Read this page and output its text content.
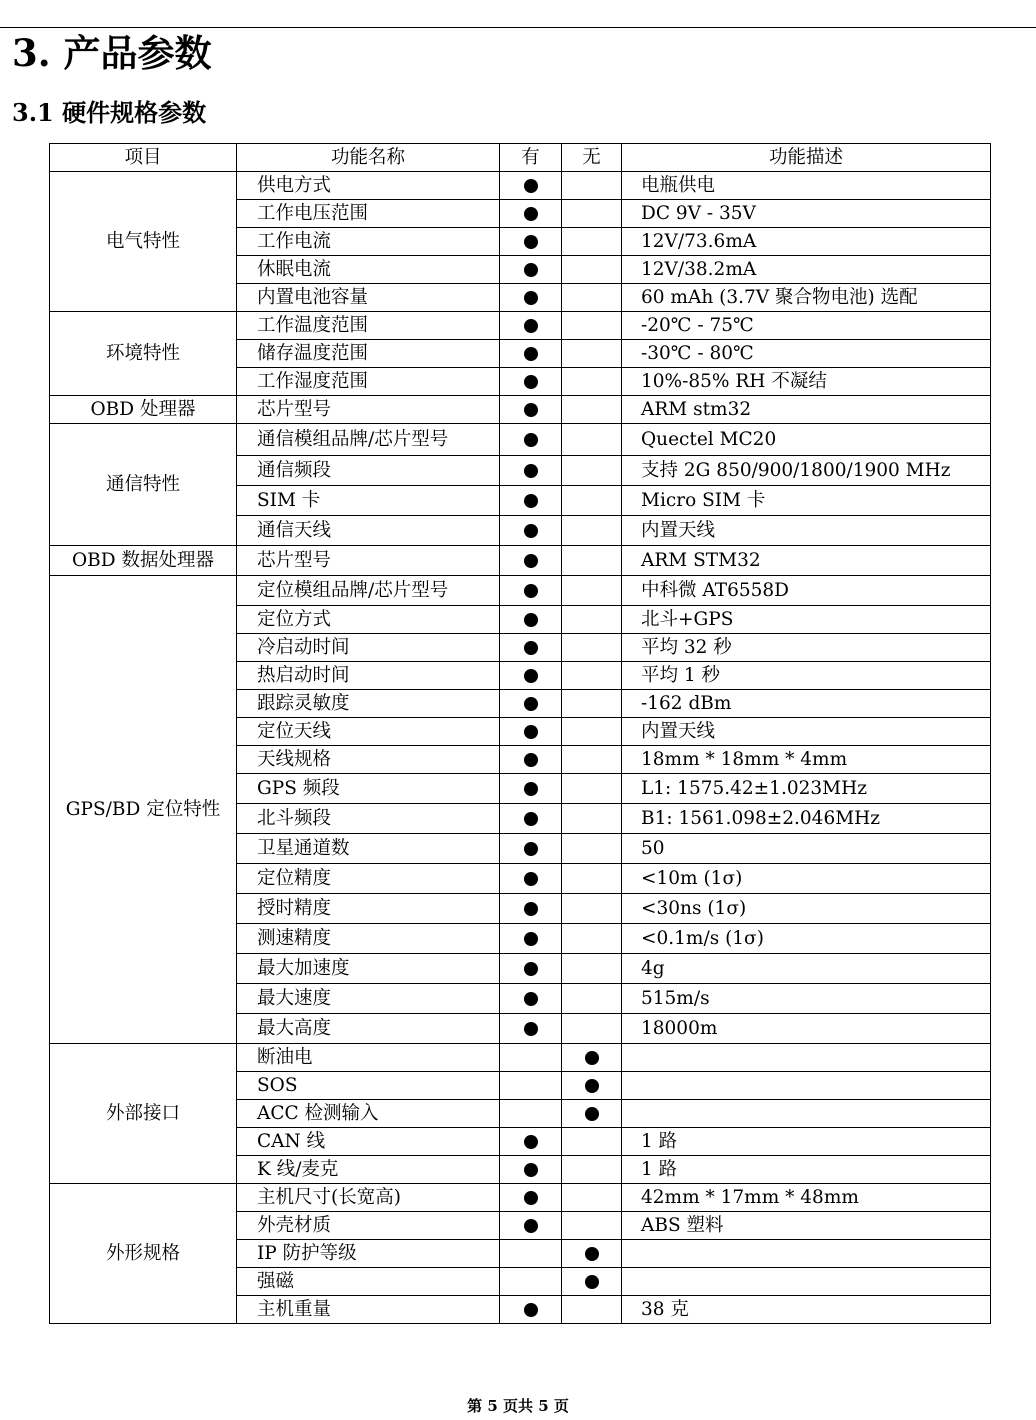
3. 产品参数
3.1 硬件规格参数
项目	功能名称	有	无	功能描述
电气特性	供电方式			电瓶供电
	工作电压范围			DC 9V - 35V
	工作电流			12V/73.6mA
	休眠电流			12V/38.2mA
	内置电池容量			60 mAh (3.7V 聚合物电池) 选配
环境特性	工作温度范围			-20℃ - 75℃
	储存温度范围			-30℃ - 80℃
	工作湿度范围			10%-85% RH 不凝结
OBD 处理器	芯片型号			ARM stm32
通信特性	通信模组品牌/芯片型号			Quectel MC20
	通信频段			支持 2G 850/900/1800/1900 MHz
	SIM 卡			Micro SIM 卡
	通信天线			内置天线
OBD 数据处理器	芯片型号			ARM STM32
GPS/BD 定位特性	定位模组品牌/芯片型号			中科微 AT6558D
	定位方式			北斗+GPS
	冷启动时间			平均 32 秒
	热启动时间			平均 1 秒
	跟踪灵敏度			-162 dBm
	定位天线			内置天线
	天线规格			18mm * 18mm * 4mm
	GPS 频段			L1: 1575.42±1.023MHz
	北斗频段			B1: 1561.098±2.046MHz
	卫星通道数			50
	定位精度			<10m (1σ)
	授时精度			<30ns (1σ)
	测速精度			<0.1m/s (1σ)
	最大加速度			4g
	最大速度			515m/s
	最大高度			18000m
外部接口	断油电			
	SOS			
	ACC 检测输入			
	CAN 线			1 路
	K 线/麦克			1 路
外形规格	主机尺寸(长宽高)			42mm * 17mm * 48mm
	外壳材质			ABS 塑料
	IP 防护等级			
	强磁			
	主机重量			38 克
第 5 页共 5 页
